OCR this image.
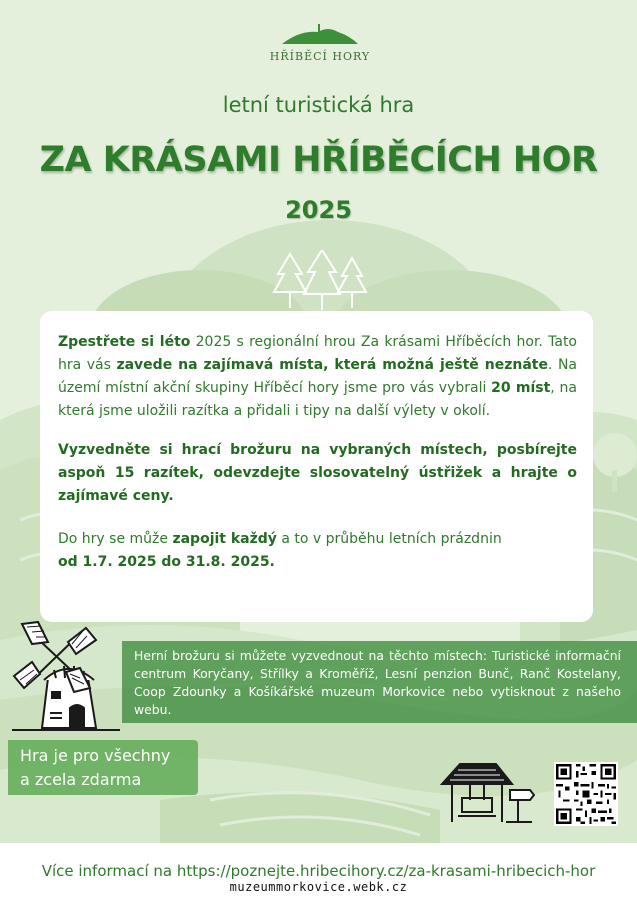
HŘÍBĚCÍ HORY
letní turistická hra
ZA KRÁSAMI HŘÍBĚCÍCH HOR
2025

Zpestřete si léto 2025 s regionální hrou Za krásami Hříběcích hor. Tato hra vás zavede na zajímavá místa, která možná ještě neznáte. Na území místní akční skupiny Hříběcí hory jsme pro vás vybrali 20 míst, na která jsme uložili razítka a přidali i tipy na další výlety v okolí.

Vyzvedněte si hrací brožuru na vybraných místech, posbírejte aspoň 15 razítek, odevzdejte slosovatelný ústřižek a hrajte o zajímavé ceny.

Do hry se může zapojit každý a to v průběhu letních prázdnin
od 1.7. 2025 do 31.8. 2025.

Herní brožuru si můžete vyzvednout na těchto místech: Turistické informační centrum Koryčany, Střílky a Kroměříž, Lesní penzion Bunč, Ranč Kostelany, Coop Zdounky a Košíkářské muzeum Morkovice nebo vytisknout z našeho webu.
Hra je pro všechny
a zcela zdarma
Více informací na https://poznejte.hribecihory.cz/za-krasami-hribecich-hor
muzeummorkovice.webk.cz
